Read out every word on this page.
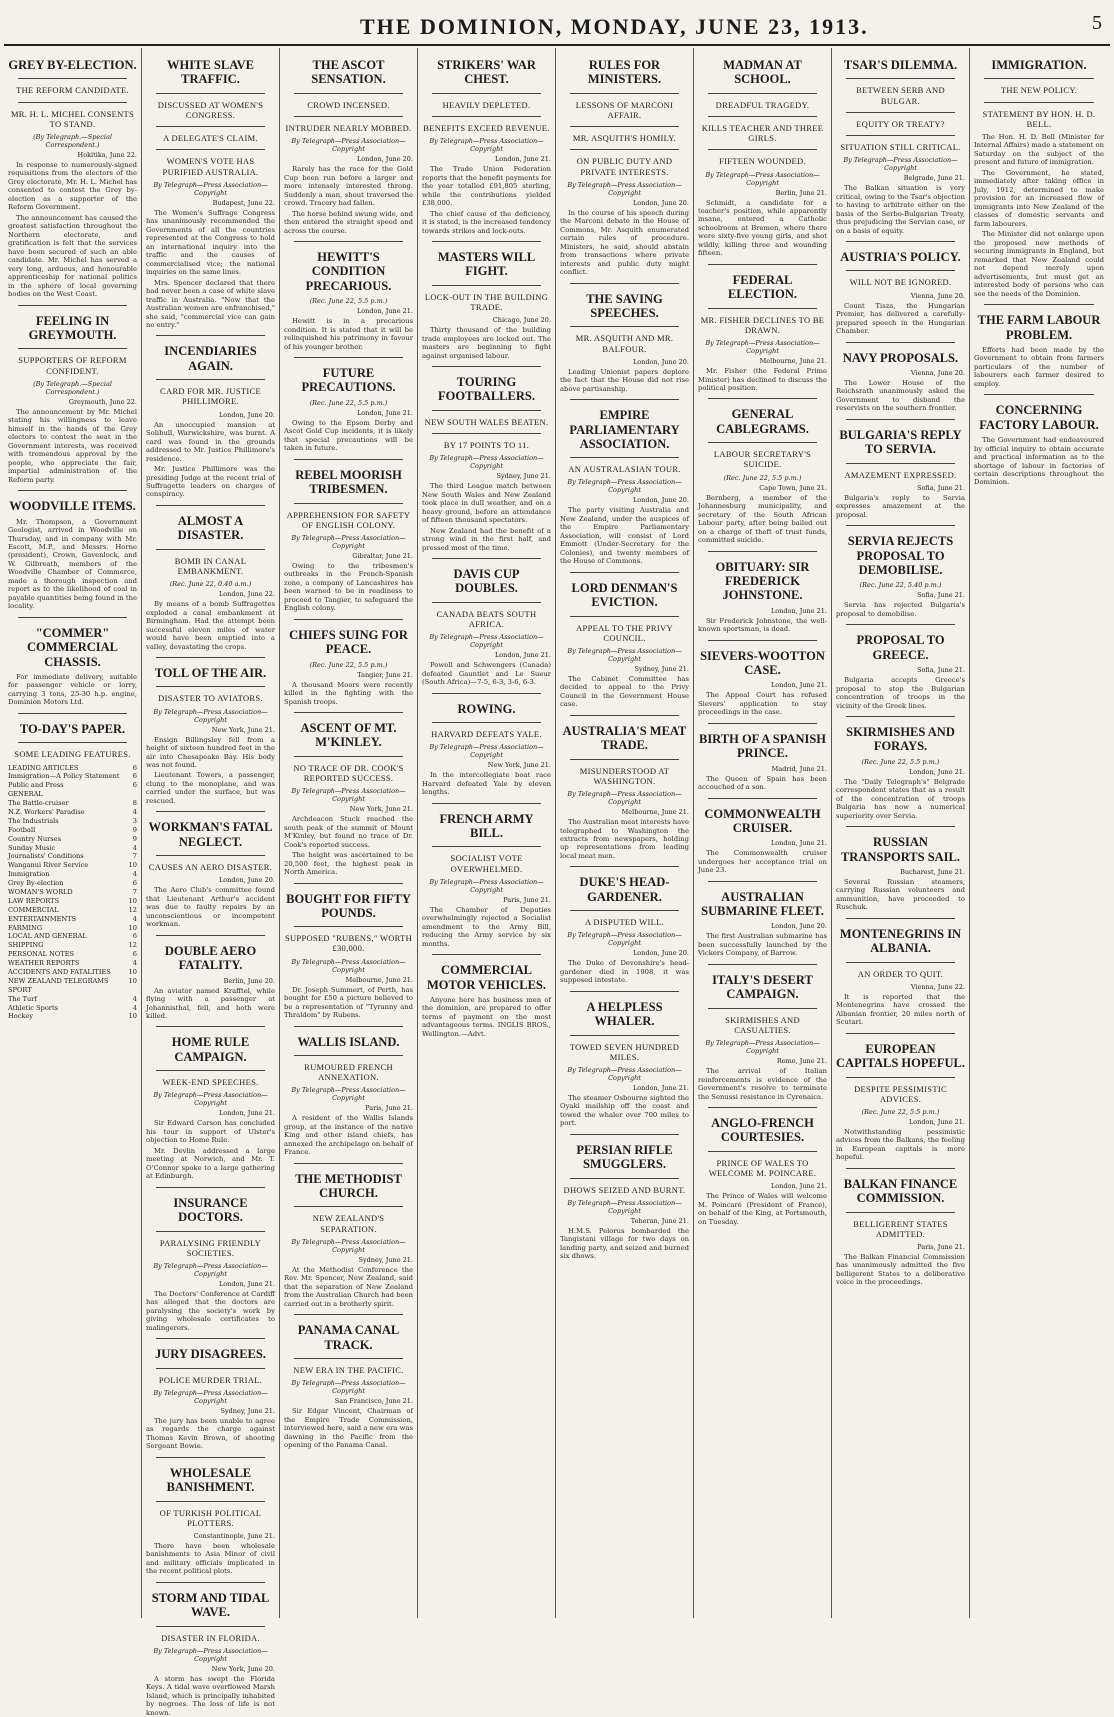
THE DOMINION, MONDAY, JUNE 23, 1913.	5
GREY BY-ELECTION.
THE REFORM CANDIDATE.
MR. H. L. MICHEL CONSENTS TO STAND.
(By Telegraph.—Special Correspondent.)
Hokitika, June 22.
In response to numerously-signed requisitions from the electors of the Grey electorate, Mr. H. L. Michel has consented to contest the Grey by-election as a supporter of the Reform Government.
The announcement has caused the greatest satisfaction throughout the Northern electorate, and gratification is felt that the services have been secured of such an able candidate. Mr. Michel has served a very long, arduous, and honourable apprenticeship for national politics in the sphere of local governing bodies on the West Coast.
FEELING IN GREYMOUTH.
SUPPORTERS OF REFORM CONFIDENT.
(By Telegraph.—Special Correspondent.)
Greymouth, June 22.
The announcement by Mr. Michel stating his willingness to leave himself in the hands of the Grey electors to contest the seat in the Government interests, was received with tremendous approval by the people, who appreciate the fair, impartial administration of the Reform party.
WOODVILLE ITEMS.
Mr. Thompson, a Government Geologist, arrived in Woodville on Thursday, and in company with Mr. Escott, M.P., and Messrs. Horne (president), Crown, Gavenlock, and W. Gilbreath, members of the Woodville Chamber of Commerce, made a thorough inspection and report as to the likelihood of coal in payable quantities being found in the locality.
"COMMER" COMMERCIAL CHASSIS.
For immediate delivery, suitable for passenger vehicle or lorry, carrying 3 tons, 25-30 h.p. engine, Dominion Motors Ltd.
TO-DAY'S PAPER.
SOME LEADING FEATURES.
LEADING ARTICLES	6
Immigration—A Policy Statement 6
Public and Press	6
GENERAL
The Battle-cruiser	8
N.Z. Workers' Paradise	4
The Industrials	3
Football	9
Country Nurses	9
Sunday Music	4
Journalists' Conditions	7
Wanganui River Service	10
Immigration	4
Grey By-election	6
WOMAN'S WORLD	7
LAW REPORTS	10
COMMERCIAL	12
ENTERTAINMENTS	4
FARMING	10
LOCAL AND GENERAL	6
SHIPPING	12
PERSONAL NOTES	6
WEATHER REPORTS	4
ACCIDENTS AND FATALITIES	10
NEW ZEALAND TELEGRAMS	10
SPORT
The Turf	4
Athletic Sports	4
Hockey	10
WHITE SLAVE TRAFFIC.
DISCUSSED AT WOMEN'S CONGRESS.
A DELEGATE'S CLAIM.
WOMEN'S VOTE HAS PURIFIED AUSTRALIA.
By Telegraph—Press Association—Copyright
Budapest, June 22.
The Women's Suffrage Congress has unanimously recommended the Governments of all the countries represented at the Congress to hold an international inquiry into the traffic and the causes of commercialised vice; the national inquiries on the same lines.
Mrs. Spencer declared that there had never been a case of white slave traffic in Australia. "Now that the Australian women are enfranchised," she said, "commercial vice can gain no entry."
INCENDIARIES AGAIN.
CARD FOR MR. JUSTICE PHILLIMORE.
London, June 20.
An unoccupied mansion at Solihull, Warwickshire, was burnt. A card was found in the grounds addressed to Mr. Justice Phillimore's residence.
Mr. Justice Phillimore was the presiding Judge at the recent trial of Suffragette leaders on charges of conspiracy.
ALMOST A DISASTER.
BOMB IN CANAL EMBANKMENT.
(Rec. June 22, 0.40 a.m.)
London, June 22.
By means of a bomb Suffragettes exploded a canal embankment at Birmingham. Had the attempt been successful eleven miles of water would have been emptied into a valley, devastating the crops.
TOLL OF THE AIR.
DISASTER TO AVIATORS.
By Telegraph—Press Association—Copyright
New York, June 21.
Ensign Billingsley fell from a height of sixteen hundred feet in the air into Chesapeake Bay. His body was not found.
Lieutenant Towers, a passenger, clung to the monoplane, and was carried under the surface, but was rescued.
WORKMAN'S FATAL NEGLECT.
CAUSES AN AERO DISASTER.
London, June 20.
The Aero Club's committee found that Lieutenant Arthur's accident was due to faulty repairs by an unconscientious or incompetent workman.
DOUBLE AERO FATALITY.
Berlin, June 20.
An aviator named Krafftel, while flying with a passenger at Johannisthal, fell, and both were killed.
HOME RULE CAMPAIGN.
WEEK-END SPEECHES.
By Telegraph—Press Association—Copyright
London, June 21.
Sir Edward Carson has concluded his tour in support of Ulster's objection to Home Rule.
Mr. Devlin addressed a large meeting at Norwich, and Mr. T. O'Connor spoke to a large gathering at Edinburgh.
INSURANCE DOCTORS.
PARALYSING FRIENDLY SOCIETIES.
By Telegraph—Press Association—Copyright
London, June 21.
The Doctors' Conference at Cardiff has alleged that the doctors are paralysing the society's work by giving wholesale certificates to malingerers.
JURY DISAGREES.
POLICE MURDER TRIAL.
By Telegraph—Press Association—Copyright
Sydney, June 21.
The jury has been unable to agree as regards the charge against Thomas Kevin Brown, of shooting Sergeant Bowie.
WHOLESALE BANISHMENT.
OF TURKISH POLITICAL PLOTTERS.
Constantinople, June 21.
There have been wholesale banishments to Asia Minor of civil and military officials implicated in the recent political plots.
STORM AND TIDAL WAVE.
DISASTER IN FLORIDA.
By Telegraph—Press Association—Copyright
New York, June 20.
A storm has swept the Florida Keys. A tidal wave overflowed Marsh Island, which is principally inhabited by negroes. The loss of life is not known.
THE ASCOT SENSATION.
CROWD INCENSED.
INTRUDER NEARLY MOBBED.
By Telegraph—Press Association—Copyright
London, June 20.
Rarely has the race for the Gold Cup been run before a larger and more intensely interested throng. Suddenly a man, shout traversed the crowd. Tracery had fallen.
The horse behind swung wide, and then entered the straight speed and across the course.
HEWITT'S CONDITION PRECARIOUS.
(Rec. June 22, 5.5 p.m.)
London, June 21.
Hewitt is in a precarious condition. It is stated that it will be relinquished his patrimony in favour of his younger brother.
FUTURE PRECAUTIONS.
(Rec. June 22, 5.5 p.m.)
London, June 21.
Owing to the Epsom Derby and Ascot Gold Cup incidents, it is likely that special precautions will be taken in future.
REBEL MOORISH TRIBESMEN.
APPREHENSION FOR SAFETY OF ENGLISH COLONY.
By Telegraph—Press Association—Copyright
Gibraltar, June 21.
Owing to the tribesmen's outbreaks in the French-Spanish zone, a company of Lancashires has been warned to be in readiness to proceed to Tangier, to safeguard the English colony.
CHIEFS SUING FOR PEACE.
(Rec. June 22, 5.5 p.m.)
Tangier, June 21.
A thousand Moors were recently killed in the fighting with the Spanish troops.
ASCENT OF MT. M'KINLEY.
NO TRACE OF DR. COOK'S REPORTED SUCCESS.
By Telegraph—Press Association—Copyright
New York, June 21.
Archdeacon Stuck reached the south peak of the summit of Mount M'Kinley, but found no trace of Dr. Cook's reported success.
The height was ascertained to be 20,500 feet, the highest peak in North America.
BOUGHT FOR FIFTY POUNDS.
SUPPOSED "RUBENS," WORTH £30,000.
By Telegraph—Press Association—Copyright
Melbourne, June 21.
Dr. Joseph Summert, of Perth, has bought for £50 a picture believed to be a representation of "Tyranny and Thraldom" by Rubens.
WALLIS ISLAND.
RUMOURED FRENCH ANNEXATION.
By Telegraph—Press Association—Copyright
Paris, June 21.
A resident of the Wallis Islands group, at the instance of the native King and other island chiefs, has annexed the archipelago on behalf of France.
THE METHODIST CHURCH.
NEW ZEALAND'S SEPARATION.
By Telegraph—Press Association—Copyright
Sydney, June 21.
At the Methodist Conference the Rev. Mr. Spencer, New Zealand, said that the separation of New Zealand from the Australian Church had been carried out in a brotherly spirit.
PANAMA CANAL TRACK.
NEW ERA IN THE PACIFIC.
By Telegraph—Press Association—Copyright
San Francisco, June 21.
Sir Edgar Vincent, Chairman of the Empire Trade Commission, interviewed here, said a new era was dawning in the Pacific from the opening of the Panama Canal.
STRIKERS' WAR CHEST.
HEAVILY DEPLETED.
BENEFITS EXCEED REVENUE.
By Telegraph—Press Association—Copyright
London, June 21.
The Trade Union Federation reports that the benefit payments for the year totalled £91,805 sterling, while the contributions yielded £38,000.
The chief cause of the deficiency, it is stated, is the increased tendency towards strikes and lock-outs.
MASTERS WILL FIGHT.
LOCK-OUT IN THE BUILDING TRADE.
Chicago, June 20.
Thirty thousand of the building trade employees are locked out. The masters are beginning to fight against organised labour.
TOURING FOOTBALLERS.
NEW SOUTH WALES BEATEN.
BY 17 POINTS TO 11.
By Telegraph—Press Association—Copyright
Sydney, June 21.
The third League match between New South Wales and New Zealand took place in dull weather, and on a heavy ground, before an attendance of fifteen thousand spectators.
New Zealand had the benefit of a strong wind in the first half, and pressed most of the time.
DAVIS CUP DOUBLES.
CANADA BEATS SOUTH AFRICA.
By Telegraph—Press Association—Copyright
London, June 21.
Powell and Schwengers (Canada) defeated Gauntlet and Le Sueur (South Africa)—7-5, 6-3, 3-6, 6-3.
ROWING.
HARVARD DEFEATS YALE.
By Telegraph—Press Association—Copyright
New York, June 21.
In the intercollegiate boat race Harvard defeated Yale by eleven lengths.
FRENCH ARMY BILL.
SOCIALIST VOTE OVERWHELMED.
By Telegraph—Press Association—Copyright
Paris, June 21.
The Chamber of Deputies overwhelmingly rejected a Socialist amendment to the Army Bill, reducing the Army service by six months.
COMMERCIAL MOTOR VEHICLES.
Anyone here has business men of the dominion, are prepared to offer terms of payment on the most advantageous terms. INGLIS BROS., Wellington.—Advt.
RULES FOR MINISTERS.
LESSONS OF MARCONI AFFAIR.
MR. ASQUITH'S HOMILY.
ON PUBLIC DUTY AND PRIVATE INTERESTS.
By Telegraph—Press Association—Copyright
London, June 20.
In the course of his speech during the Marconi debate in the House of Commons, Mr. Asquith enumerated certain rules of procedure. Ministers, he said, should abstain from transactions where private interests and public duty might conflict.
THE SAVING SPEECHES.
MR. ASQUITH AND MR. BALFOUR.
London, June 20.
Leading Unionist papers deplore the fact that the House did not rise above partisanship.
EMPIRE PARLIAMENTARY ASSOCIATION.
AN AUSTRALASIAN TOUR.
By Telegraph—Press Association—Copyright
London, June 20.
The party visiting Australia and New Zealand, under the auspices of the Empire Parliamentary Association, will consist of Lord Emmott (Under-Secretary for the Colonies), and twenty members of the House of Commons.
LORD DENMAN'S EVICTION.
APPEAL TO THE PRIVY COUNCIL.
By Telegraph—Press Association—Copyright
Sydney, June 21.
The Cabinet Committee has decided to appeal to the Privy Council in the Government House case.
AUSTRALIA'S MEAT TRADE.
MISUNDERSTOOD AT WASHINGTON.
By Telegraph—Press Association—Copyright
Melbourne, June 21.
The Australian meat interests have telegraphed to Washington the extracts from newspapers, holding up representations from leading local meat men.
DUKE'S HEAD-GARDENER.
A DISPUTED WILL.
By Telegraph—Press Association—Copyright
London, June 20.
The Duke of Devonshire's head-gardener died in 1908, it was supposed intestate.
A HELPLESS WHALER.
TOWED SEVEN HUNDRED MILES.
By Telegraph—Press Association—Copyright
London, June 21.
The steamer Osbourne sighted the Oyaki mailship off the coast and towed the whaler over 700 miles to port.
PERSIAN RIFLE SMUGGLERS.
DHOWS SEIZED AND BURNT.
By Telegraph—Press Association—Copyright
Teheran, June 21.
H.M.S. Pelorus bombarded the Tangistani village for two days on landing party, and seized and burned six dhows.
MADMAN AT SCHOOL.
DREADFUL TRAGEDY.
KILLS TEACHER AND THREE GIRLS.
FIFTEEN WOUNDED.
By Telegraph—Press Association—Copyright
Berlin, June 21.
Schmidt, a candidate for a teacher's position, while apparently insane, entered a Catholic schoolroom at Bremen, where there were sixty-five young girls, and shot wildly, killing three and wounding fifteen.
FEDERAL ELECTION.
MR. FISHER DECLINES TO BE DRAWN.
By Telegraph—Press Association—Copyright
Melbourne, June 21.
Mr. Fisher (the Federal Prime Minister) has declined to discuss the political position.
GENERAL CABLEGRAMS.
LABOUR SECRETARY'S SUICIDE.
(Rec. June 22, 5.5 p.m.)
Cape Town, June 21.
Bernberg, a member of the Johannesburg municipality, and secretary of the South African Labour party, after being bailed out on a charge of theft of trust funds, committed suicide.
OBITUARY: SIR FREDERICK JOHNSTONE.
London, June 21.
Sir Frederick Johnstone, the well-known sportsman, is dead.
SIEVERS-WOOTTON CASE.
London, June 21.
The Appeal Court has refused Sievers' application to stay proceedings in the case.
BIRTH OF A SPANISH PRINCE.
Madrid, June 21.
The Queen of Spain has been accouched of a son.
COMMONWEALTH CRUISER.
London, June 21.
The Commonwealth cruiser undergoes her acceptance trial on June 23.
AUSTRALIAN SUBMARINE FLEET.
London, June 20.
The first Australian submarine has been successfully launched by the Vickers Company, of Barrow.
ITALY'S DESERT CAMPAIGN.
SKIRMISHES AND CASUALTIES.
By Telegraph—Press Association—Copyright
Rome, June 21.
The arrival of Italian reinforcements is evidence of the Government's resolve to terminate the Senussi resistance in Cyrenaica.
ANGLO-FRENCH COURTESIES.
PRINCE OF WALES TO WELCOME M. POINCARE.
London, June 21.
The Prince of Wales will welcome M. Poincaré (President of France), on behalf of the King, at Portsmouth, on Tuesday.
TSAR'S DILEMMA.
BETWEEN SERB AND BULGAR.
EQUITY OR TREATY?
SITUATION STILL CRITICAL.
By Telegraph—Press Association—Copyright
Belgrade, June 21.
The Balkan situation is very critical, owing to the Tsar's objection to having to arbitrate either on the basis of the Serbo-Bulgarian Treaty, thus prejudicing the Servian case, or on a basis of equity.
AUSTRIA'S POLICY.
WILL NOT BE IGNORED.
Vienna, June 20.
Count Tisza, the Hungarian Premier, has delivered a carefully-prepared speech in the Hungarian Chamber.
NAVY PROPOSALS.
Vienna, June 20.
The Lower House of the Reichsrath unanimously asked the Government to disband the reservists on the southern frontier.
BULGARIA'S REPLY TO SERVIA.
AMAZEMENT EXPRESSED.
Sofia, June 21.
Bulgaria's reply to Servia expresses amazement at the proposal.
SERVIA REJECTS PROPOSAL TO DEMOBILISE.
(Rec. June 22, 5.40 p.m.)
Sofia, June 21.
Servia has rejected Bulgaria's proposal to demobilise.
PROPOSAL TO GREECE.
Sofia, June 21.
Bulgaria accepts Greece's proposal to stop the Bulgarian concentration of troops in the vicinity of the Greek lines.
SKIRMISHES AND FORAYS.
(Rec. June 22, 5.5 p.m.)
London, June 21.
The "Daily Telegraph's" Belgrade correspondent states that as a result of the concentration of troops Bulgaria has now a numerical superiority over Servia.
RUSSIAN TRANSPORTS SAIL.
Bucharest, June 21.
Several Russian steamers, carrying Russian volunteers and ammunition, have proceeded to Ruschuk.
MONTENEGRINS IN ALBANIA.
AN ORDER TO QUIT.
Vienna, June 22.
It is reported that the Montenegrins have crossed the Albanian frontier, 20 miles north of Scutari.
EUROPEAN CAPITALS HOPEFUL.
DESPITE PESSIMISTIC ADVICES.
(Rec. June 22, 5.5 p.m.)
London, June 21.
Notwithstanding pessimistic advices from the Balkans, the feeling in European capitals is more hopeful.
BALKAN FINANCE COMMISSION.
BELLIGERENT STATES ADMITTED.
Paris, June 21.
The Balkan Financial Commission has unanimously admitted the five belligerent States to a deliberative voice in the proceedings.
IMMIGRATION.
THE NEW POLICY.
STATEMENT BY HON. H. D. BELL.
The Hon. H. D. Bell (Minister for Internal Affairs) made a statement on Saturday on the subject of the present and future of immigration.
The Government, he stated, immediately after taking office in July, 1912, determined to make provision for an increased flow of immigrants into New Zealand of the classes of domestic servants and farm labourers.
The Minister did not enlarge upon the proposed new methods of securing immigrants in England, but remarked that New Zealand could not depend merely upon advertisements, but must get an interested body of persons who can see the needs of the Dominion.
THE FARM LABOUR PROBLEM.
Efforts had been made by the Government to obtain from farmers particulars of the number of labourers each farmer desired to employ.
CONCERNING FACTORY LABOUR.
The Government had endeavoured by official inquiry to obtain accurate and practical information as to the shortage of labour in factories of certain descriptions throughout the Dominion.
